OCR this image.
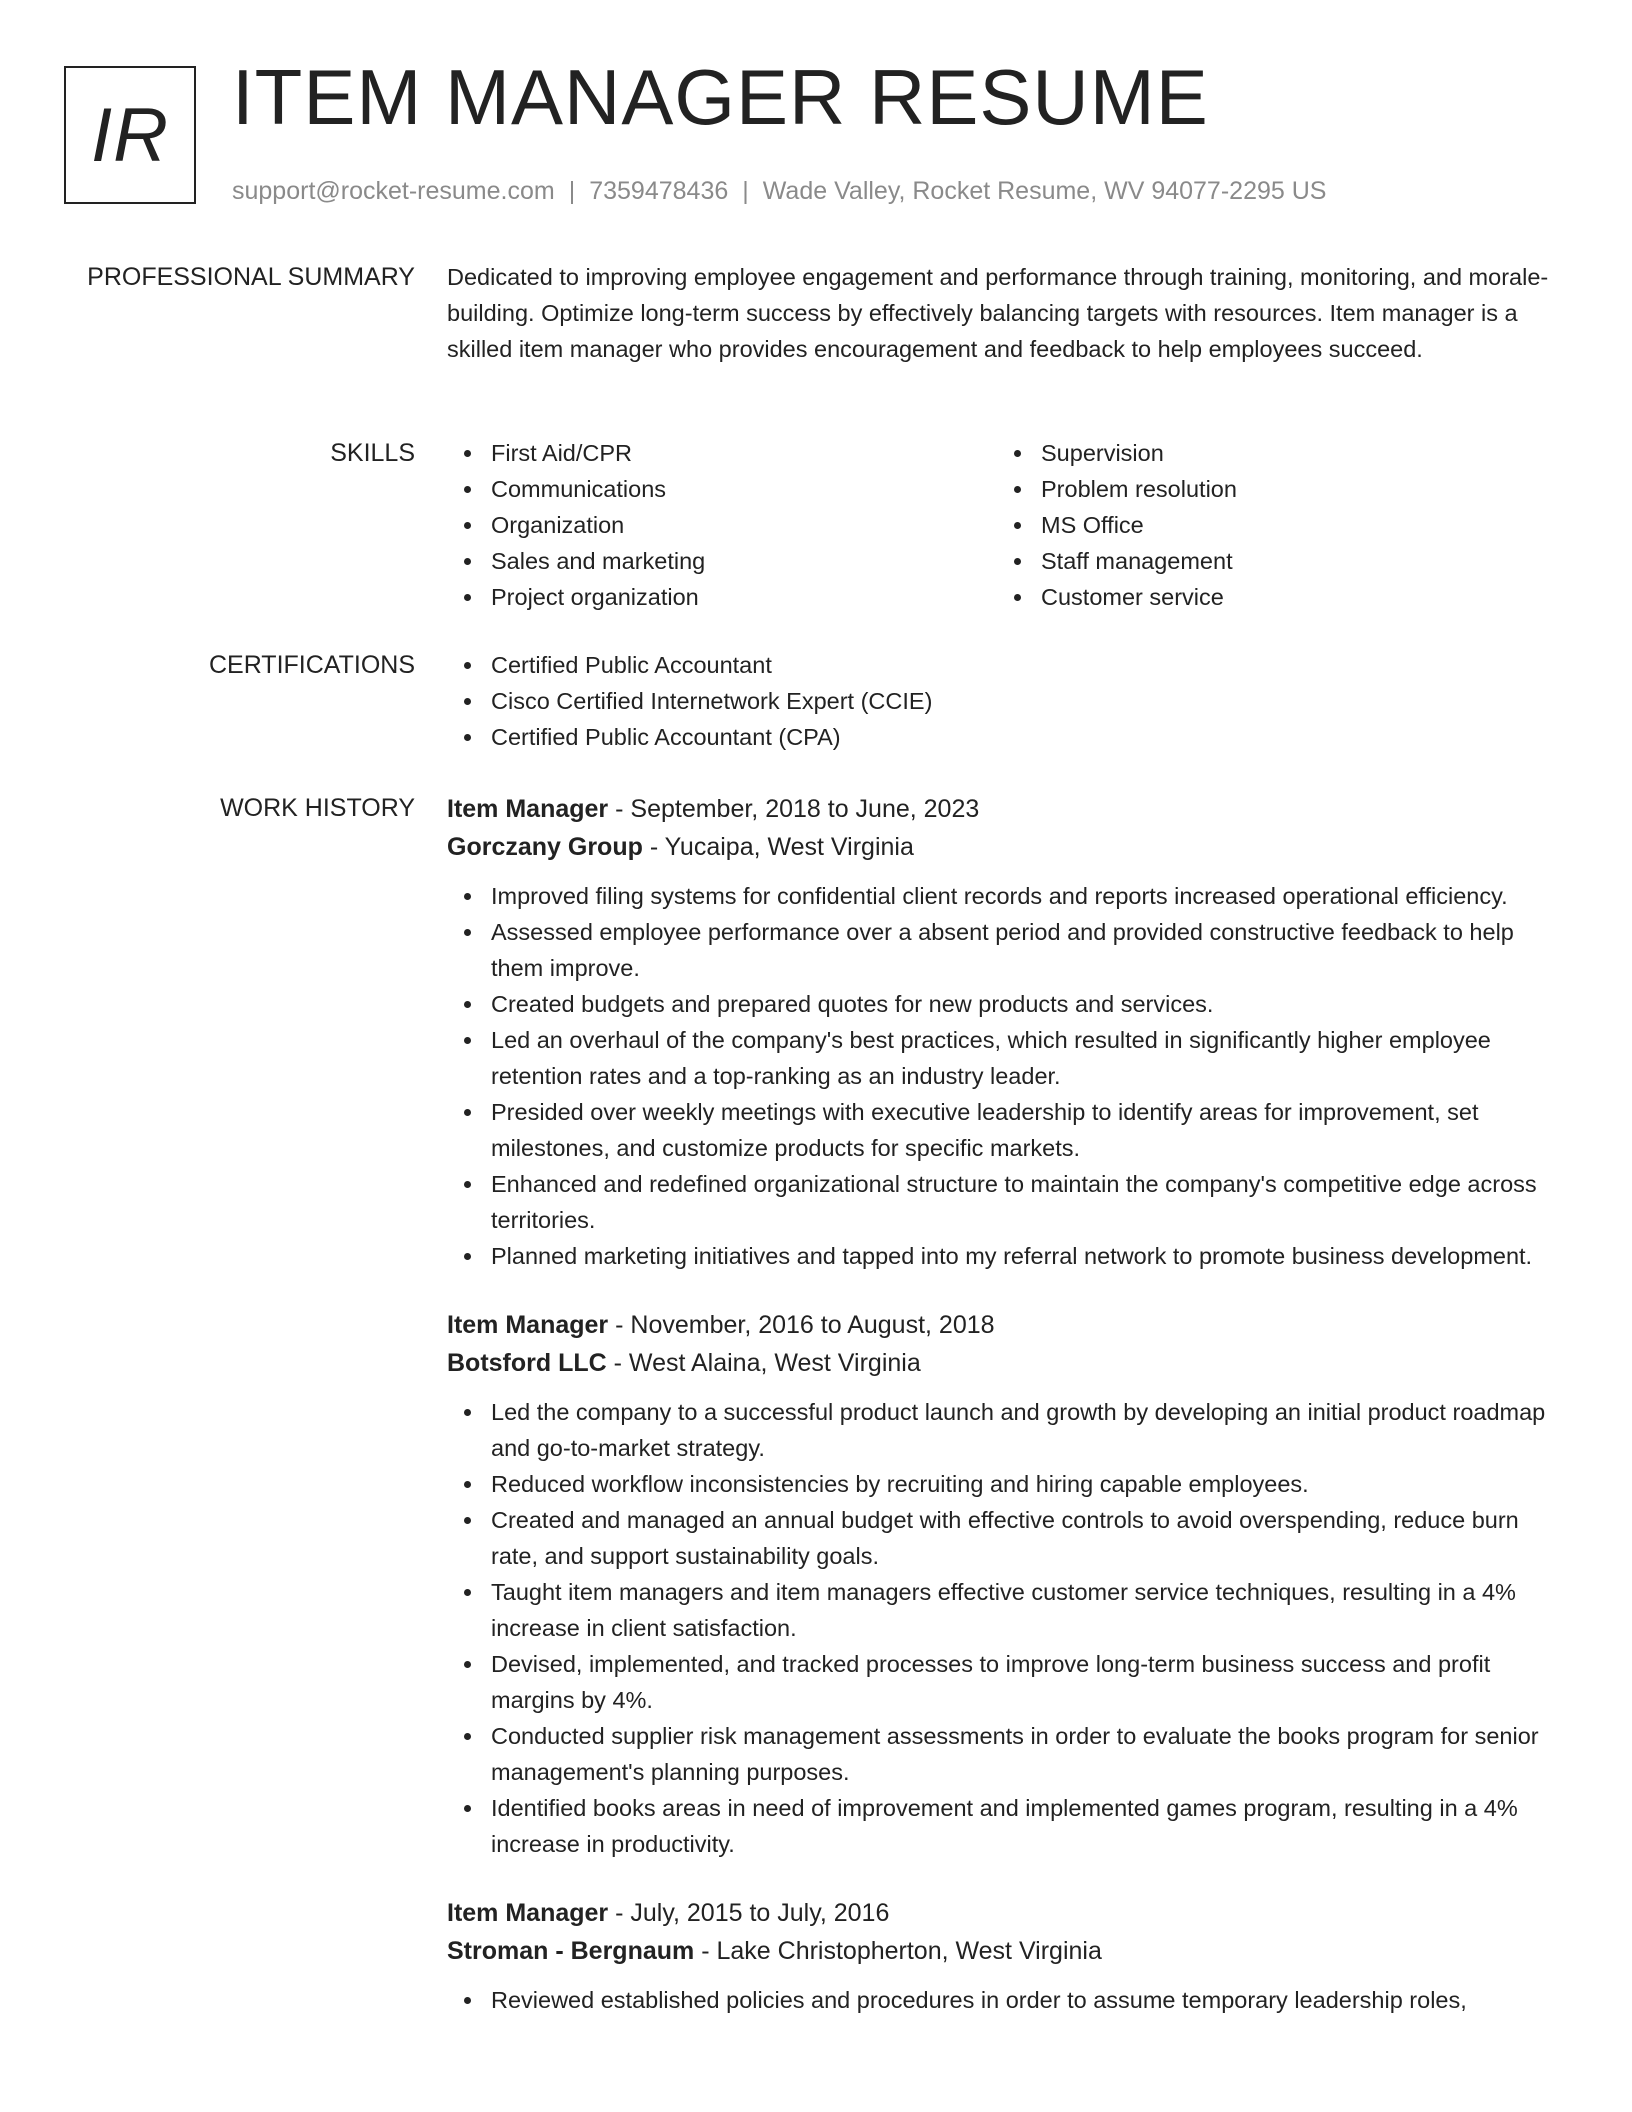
IR ITEM MANAGER RESUME
support@rocket-resume.com | 7359478436 | Wade Valley, Rocket Resume, WV 94077-2295 US
PROFESSIONAL SUMMARY Dedicated to improving employee engagement and performance through training, monitoring, and morale-building. Optimize long-term success by effectively balancing targets with resources. Item manager is a skilled item manager who provides encouragement and feedback to help employees succeed.

SKILLS	First Aid/CPR
Communications
Organization
Sales and marketing
Project organization
Supervision
Problem resolution
MS Office
Staff management
Customer service
CERTIFICATIONS	Certified Public Accountant
Cisco Certified Internetwork Expert (CCIE)
Certified Public Accountant (CPA)
WORK HISTORY Item Manager - September, 2018 to June, 2023
Gorczany Group - Yucaipa, West Virginia
Improved filing systems for confidential client records and reports increased operational efficiency.
Assessed employee performance over a absent period and provided constructive feedback to help them improve.
Created budgets and prepared quotes for new products and services.
Led an overhaul of the company's best practices, which resulted in significantly higher employee retention rates and a top-ranking as an industry leader.
Presided over weekly meetings with executive leadership to identify areas for improvement, set milestones, and customize products for specific markets.
Enhanced and redefined organizational structure to maintain the company's competitive edge across territories.
Planned marketing initiatives and tapped into my referral network to promote business development.
Item Manager - November, 2016 to August, 2018
Botsford LLC - West Alaina, West Virginia
Led the company to a successful product launch and growth by developing an initial product roadmap and go-to-market strategy.
Reduced workflow inconsistencies by recruiting and hiring capable employees.
Created and managed an annual budget with effective controls to avoid overspending, reduce burn rate, and support sustainability goals.
Taught item managers and item managers effective customer service techniques, resulting in a 4% increase in client satisfaction.
Devised, implemented, and tracked processes to improve long-term business success and profit margins by 4%.
Conducted supplier risk management assessments in order to evaluate the books program for senior management's planning purposes.
Identified books areas in need of improvement and implemented games program, resulting in a 4% increase in productivity.
Item Manager - July, 2015 to July, 2016
Stroman - Bergnaum - Lake Christopherton, West Virginia
Reviewed established policies and procedures in order to assume temporary leadership roles,
